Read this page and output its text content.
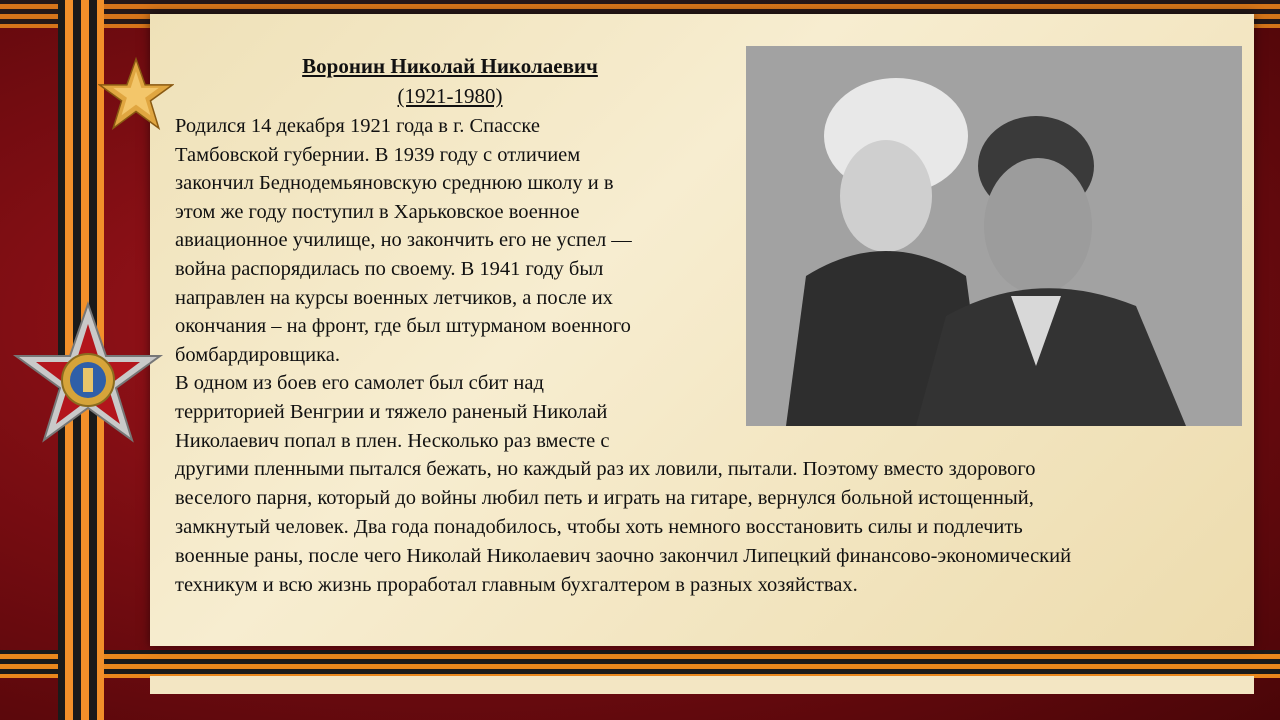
Воронин Николай Николаевич
(1921-1980)
Родился 14 декабря 1921 года в г. Спасске
Тамбовской губернии. В 1939 году с отличием
закончил Беднодемьяновскую среднюю школу и в
этом же году поступил в Харьковское военное
авиационное училище, но закончить его не успел —
война распорядилась по своему. В 1941 году был
направлен на курсы военных летчиков, а после их
окончания – на фронт, где был штурманом военного
бомбардировщика.
В одном из боев его самолет был сбит над
территорией Венгрии и тяжело раненый Николай
Николаевич попал в плен. Несколько раз вместе с
другими пленными пытался бежать, но каждый раз их ловили, пытали. Поэтому вместо здорового
веселого парня, который до войны любил петь и играть на гитаре, вернулся больной истощенный,
замкнутый человек. Два года понадобилось, чтобы хоть немного восстановить силы и подлечить
военные раны, после чего Николай Николаевич заочно закончил Липецкий финансово-экономический
техникум и всю жизнь проработал главным бухгалтером в разных хозяйствах.
